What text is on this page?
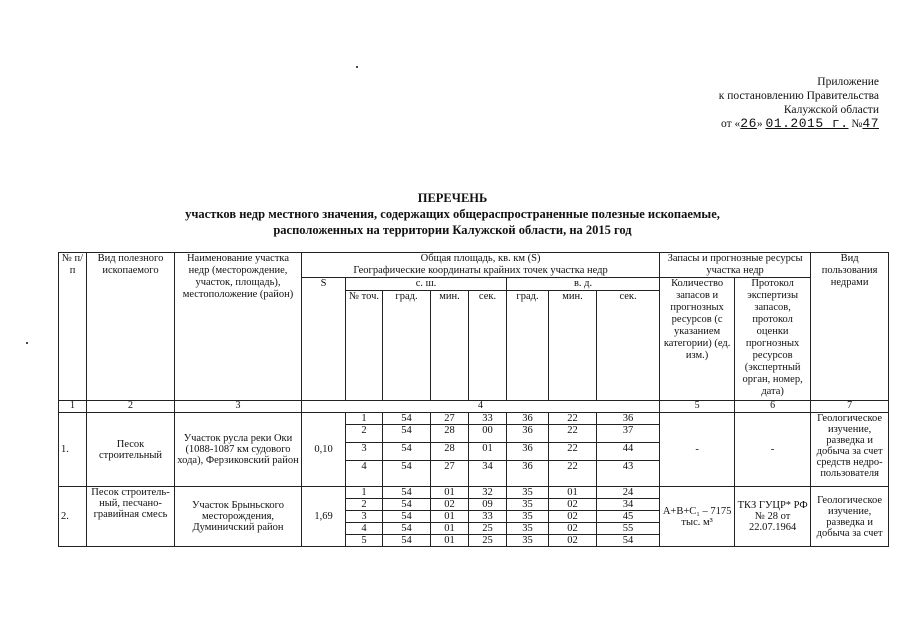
Приложение
к постановлению Правительства
Калужской области
от «26» 01.2015 г. №47
ПЕРЕЧЕНЬ
участков недр местного значения, содержащих общераспространенные полезные ископаемые,
расположенных на территории Калужской области, на 2015 год
№ п/п	Вид полезного ископаемого	Наименование участка недр (месторождение, участок, площадь), местоположение (район)	Общая площадь, кв. км (S)
Географические координаты крайних точек участка недр								Запасы и прогнозные ресурсы участка недр		Вид пользования недрами
			S	с. ш.				в. д.			Количество запасов и прогнозных ресурсов (с указанием категории) (ед. изм.)	Протокол экспертизы запасов, протокол оценки прогнозных ресурсов (экспертный орган, номер, дата)	
				№ точ.	град.	мин.	сек.	град.	мин.	сек.			
1	2	3	4								5	6	7
1.	Песок строительный	Участок русла реки Оки (1088-1087 км судового хода), Ферзиковский район	0,10	1	54	27	33	36	22	36	-	-	Геологическое изучение, разведка и добыча за счет средств недро-пользователя
				2	54	28	00	36	22	37			
				3	54	28	01	36	22	44			
				4	54	27	34	36	22	43			
2.	Песок строитель-ный, песчано-гравийная смесь	Участок Брыньского месторождения, Думиничский район	1,69	1	54	01	32	35	01	24	А+В+С₁ – 7175 тыс. м³	ТКЗ ГУЦР* РФ № 28 от 22.07.1964	Геологическое изучение, разведка и добыча за счет
				2	54	02	09	35	02	34			
				3	54	01	33	35	02	45			
				4	54	01	25	35	02	55			
				5	54	01	25	35	02	54			
